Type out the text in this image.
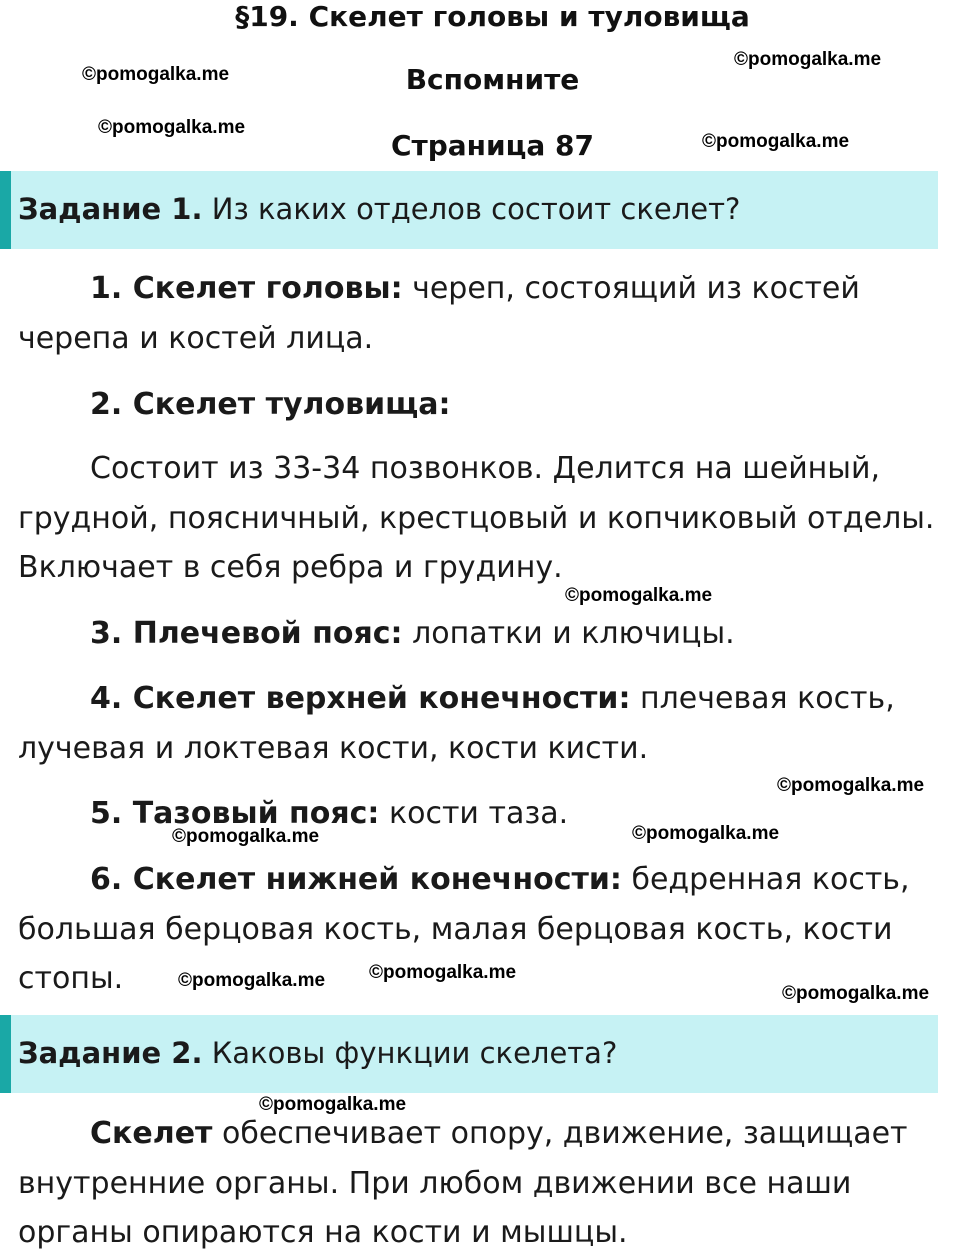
§19. Скелет головы и туловища
Вспомните
Страница 87
©pomogalka.me
©pomogalka.me
©pomogalka.me
©pomogalka.me
Задание 1. Из каких отделов состоит скелет?

1. Скелет головы: череп, состоящий из костей черепа и костей лица.

2. Скелет туловища:

Состоит из 33-34 позвонков. Делится на шейный, грудной, поясничный, крестцовый и копчиковый отделы. Включает в себя ребра и грудину.

©pomogalka.me

3. Плечевой пояс: лопатки и ключицы.

4. Скелет верхней конечности: плечевая кость, лучевая и локтевая кости, кости кисти.

©pomogalka.me

5. Тазовый пояс: кости таза.

©pomogalka.me	©pomogalka.me

6. Скелет нижней конечности: бедренная кость, большая берцовая кость, малая берцовая кость, кости стопы.	©pomogalka.me ©pomogalka.me
©pomogalka.me
Задание 2. Каковы функции скелета?
©pomogalka.me

Скелет обеспечивает опору, движение, защищает внутренние органы. При любом движении все наши органы опираются на кости и мышцы.
